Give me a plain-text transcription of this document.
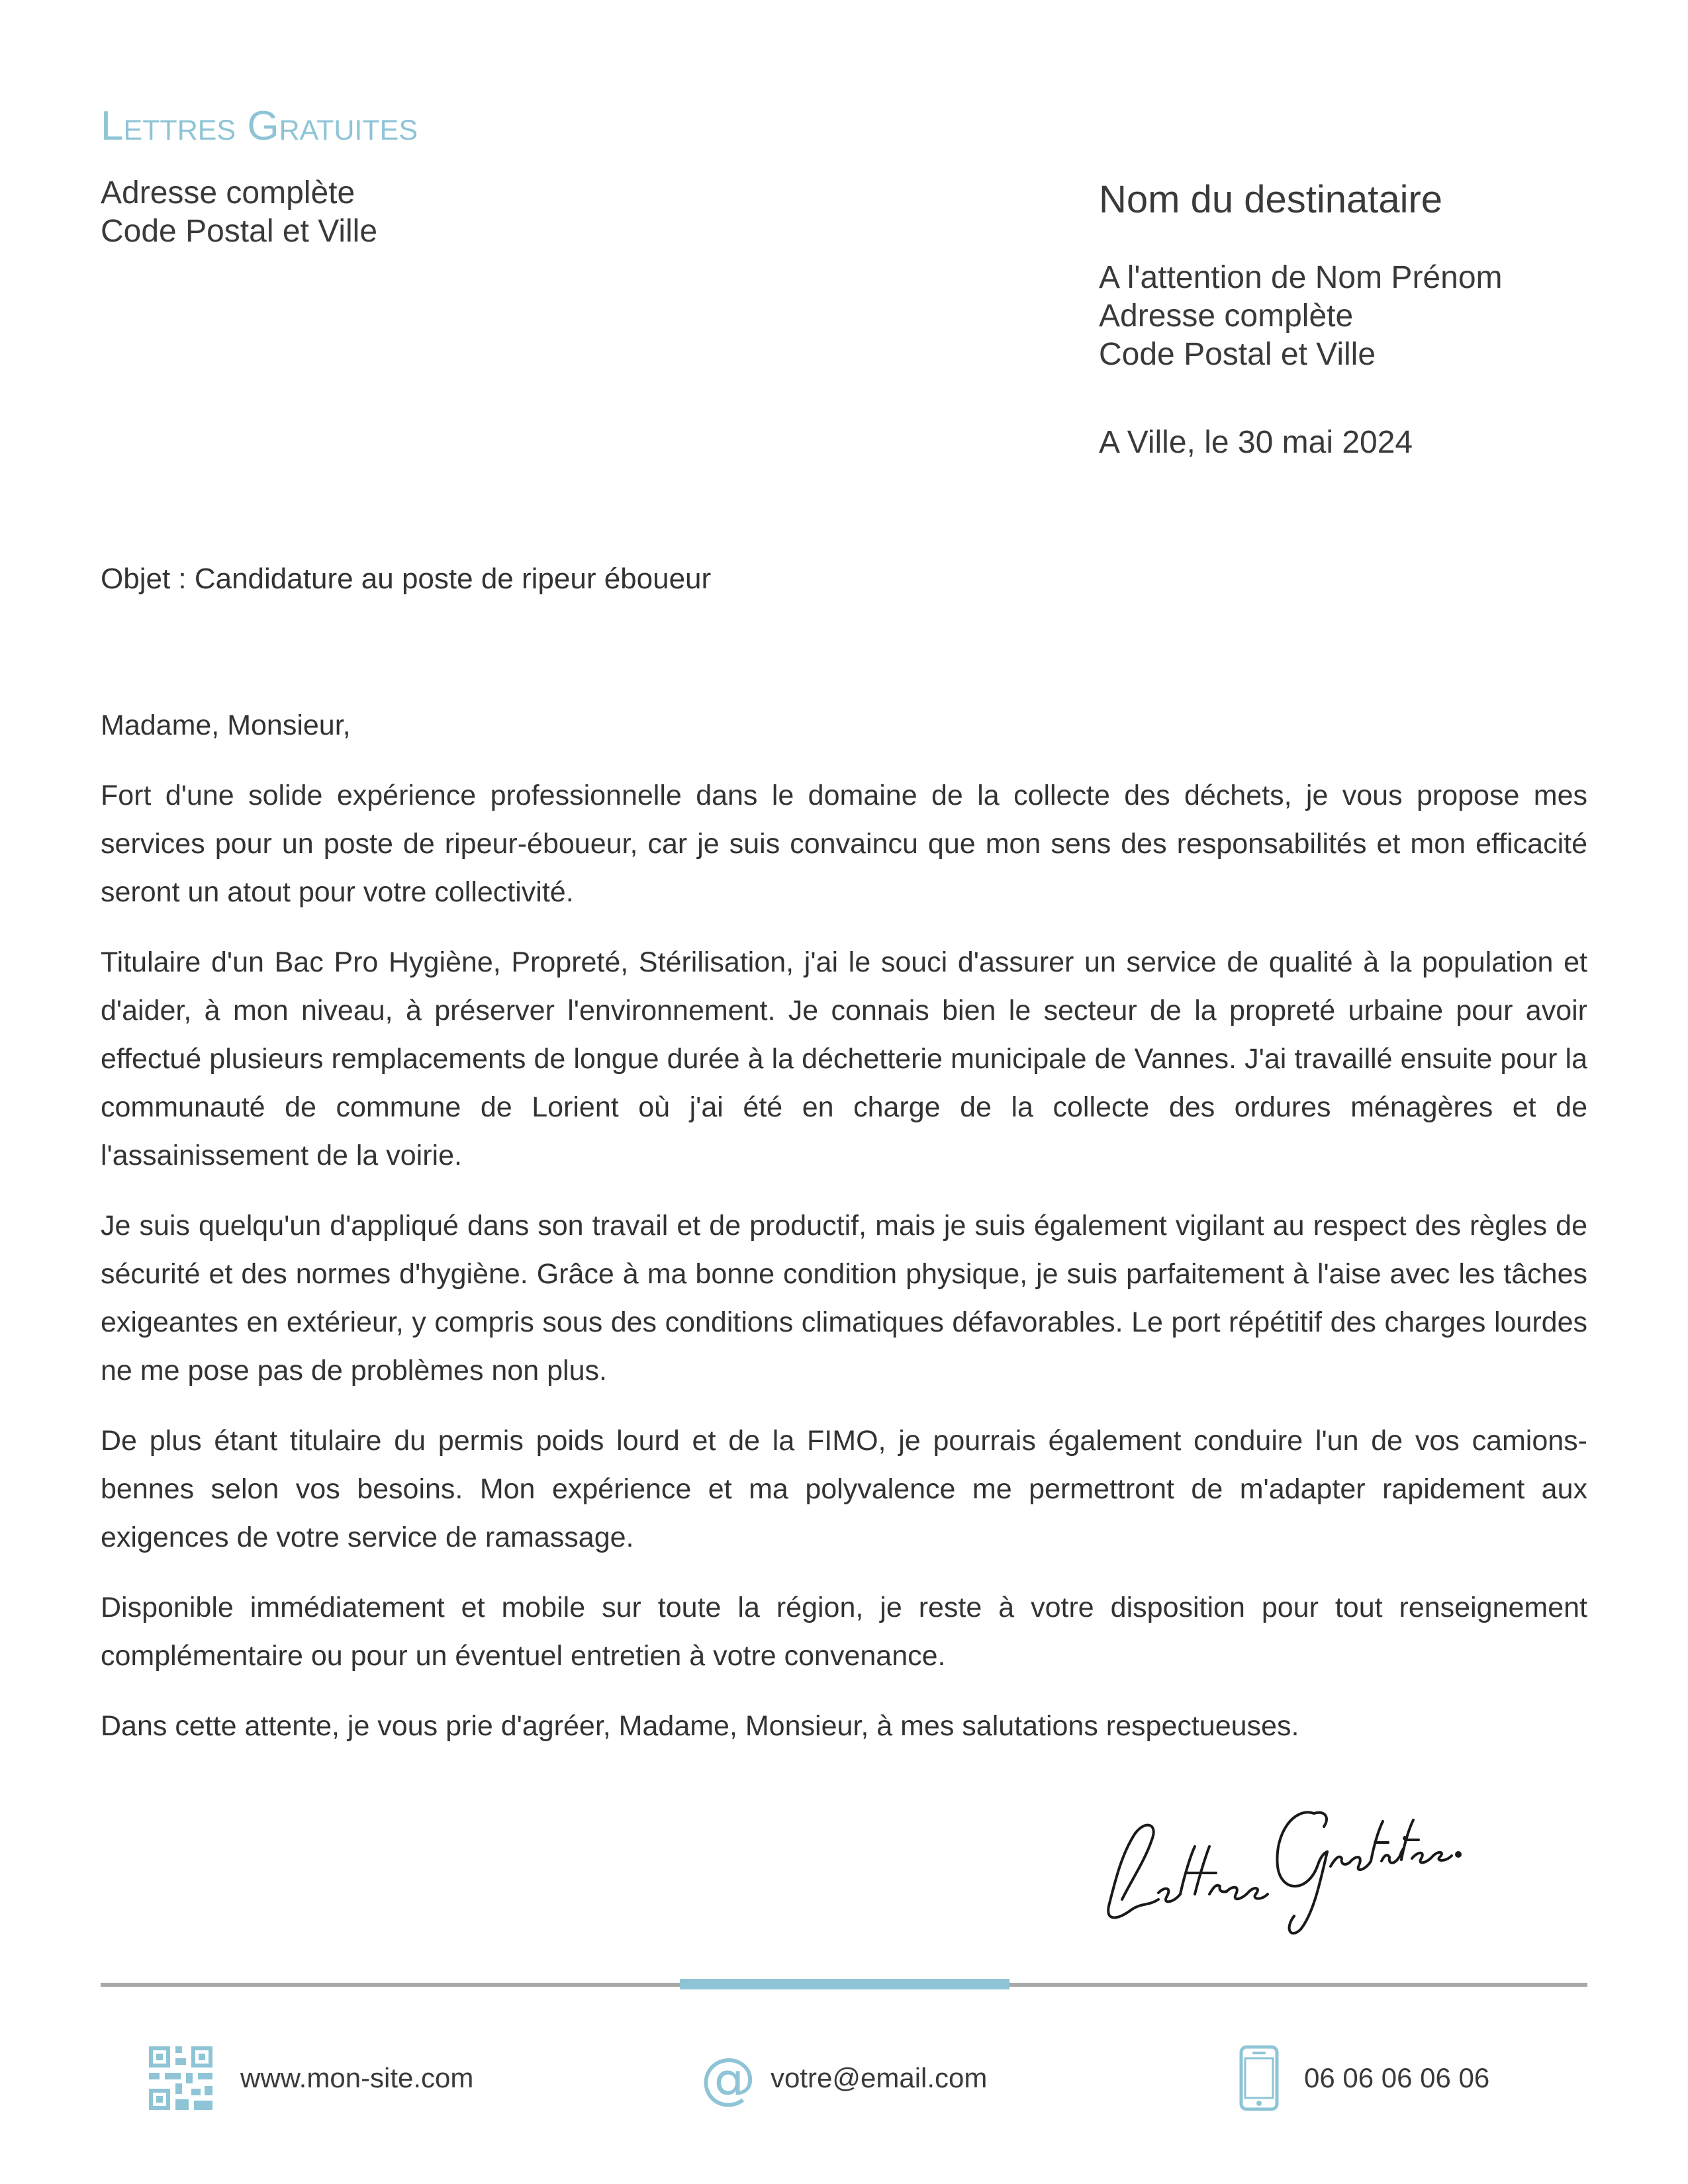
Lettres Gratuites
Adresse complète
Code Postal et Ville
Nom du destinataire
A l'attention de Nom Prénom
Adresse complète
Code Postal et Ville
A Ville, le 30 mai 2024
Objet : Candidature au poste de ripeur éboueur

Madame, Monsieur,

Fort d'une solide expérience professionnelle dans le domaine de la collecte des déchets, je vous propose mes services pour un poste de ripeur-éboueur, car je suis convaincu que mon sens des responsabilités et mon efficacité seront un atout pour votre collectivité.

Titulaire d'un Bac Pro Hygiène, Propreté, Stérilisation, j'ai le souci d'assurer un service de qualité à la population et d'aider, à mon niveau, à préserver l'environnement. Je connais bien le secteur de la propreté urbaine pour avoir effectué plusieurs remplacements de longue durée à la déchetterie municipale de Vannes. J'ai travaillé ensuite pour la communauté de commune de Lorient où j'ai été en charge de la collecte des ordures ménagères et de l'assainissement de la voirie.

Je suis quelqu'un d'appliqué dans son travail et de productif, mais je suis également vigilant au respect des règles de sécurité et des normes d'hygiène. Grâce à ma bonne condition physique, je suis parfaitement à l'aise avec les tâches exigeantes en extérieur, y compris sous des conditions climatiques défavorables. Le port répétitif des charges lourdes ne me pose pas de problèmes non plus.

De plus étant titulaire du permis poids lourd et de la FIMO, je pourrais également conduire l'un de vos camions-bennes selon vos besoins. Mon expérience et ma polyvalence me permettront de m'adapter rapidement aux exigences de votre service de ramassage.

Disponible immédiatement et mobile sur toute la région, je reste à votre disposition pour tout renseignement complémentaire ou pour un éventuel entretien à votre convenance.

Dans cette attente, je vous prie d'agréer, Madame, Monsieur, à mes salutations respectueuses.

www.mon-site.com	@ votre@email.com	06 06 06 06 06
